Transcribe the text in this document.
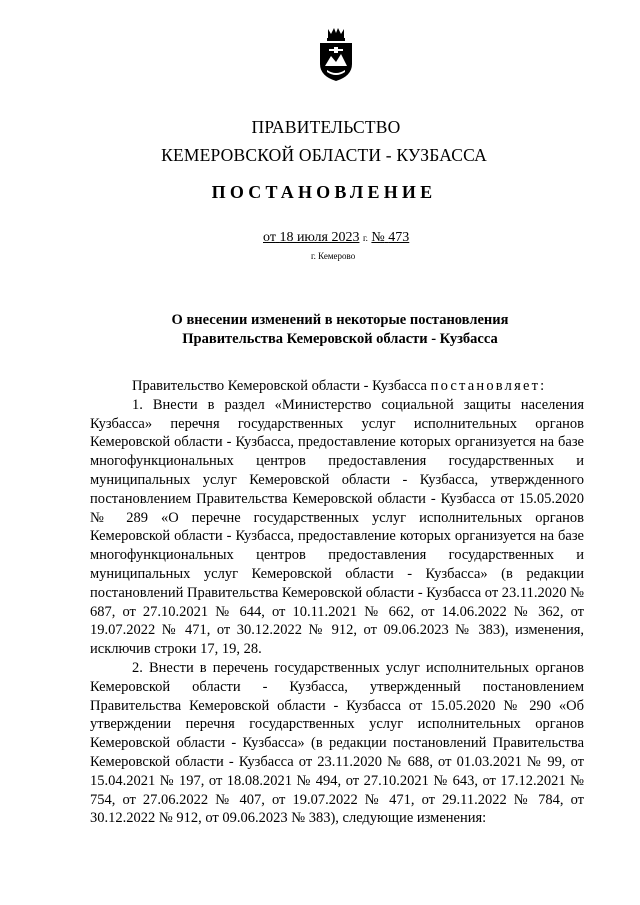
ПРАВИТЕЛЬСТВО
КЕМЕРОВСКОЙ ОБЛАСТИ - КУЗБАССА
ПОСТАНОВЛЕНИЕ
от 18 июля 2023 г. № 473
г. Кемерово
О внесении изменений в некоторые постановления
Правительства Кемеровской области - Кузбасса

Правительство Кемеровской области - Кузбасса постановляет:

1. Внести в раздел «Министерство социальной защиты населения Кузбасса» перечня государственных услуг исполнительных органов Кемеровской области - Кузбасса, предоставление которых организуется на базе многофункциональных центров предоставления государственных и муниципальных услуг Кемеровской области - Кузбасса, утвержденного постановлением Правительства Кемеровской области - Кузбасса от 15.05.2020 № 289 «О перечне государственных услуг исполнительных органов Кемеровской области - Кузбасса, предоставление которых организуется на базе многофункциональных центров предоставления государственных и муниципальных услуг Кемеровской области - Кузбасса» (в редакции постановлений Правительства Кемеровской области - Кузбасса от 23.11.2020 № 687, от 27.10.2021 № 644, от 10.11.2021 № 662, от 14.06.2022 № 362, от 19.07.2022 № 471, от 30.12.2022 № 912, от 09.06.2023 № 383), изменения, исключив строки 17, 19, 28.

2. Внести в перечень государственных услуг исполнительных органов Кемеровской области - Кузбасса, утвержденный постановлением Правительства Кемеровской области - Кузбасса от 15.05.2020 № 290 «Об утверждении перечня государственных услуг исполнительных органов Кемеровской области - Кузбасса» (в редакции постановлений Правительства Кемеровской области - Кузбасса от 23.11.2020 № 688, от 01.03.2021 № 99, от 15.04.2021 № 197, от 18.08.2021 № 494, от 27.10.2021 № 643, от 17.12.2021 № 754, от 27.06.2022 № 407, от 19.07.2022 № 471, от 29.11.2022 № 784, от 30.12.2022 № 912, от 09.06.2023 № 383), следующие изменения:
